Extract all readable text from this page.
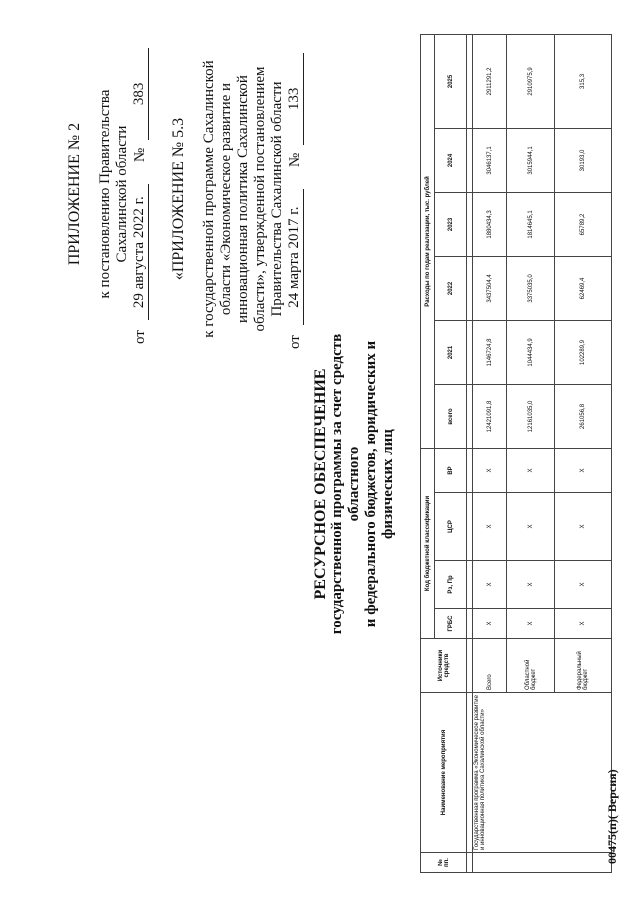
ПРИЛОЖЕНИЕ № 2 к постановлению Правительства Сахалинской области
от
29 августа 2022 г.
№
383
«ПРИЛОЖЕНИЕ № 5.3 к государственной программе Сахалинской области «Экономическое развитие и инновационная политика Сахалинской области», утвержденной постановлением Правительства Сахалинской области
от
24 марта 2017 г.
№
133
РЕСУРСНОЕ ОБЕСПЕЧЕНИЕ государственной программы за счет средств областного и федерального бюджетов, юридических и физических лиц
№ пп.	Наименование мероприятия	Источники средств	Код бюджетной классификации				Расходы по годам реализации, тыс. рублей					
			ГРБС	Рз, Пр	ЦСР	ВР	всего	2021	2022	2023	2024	2025

	Государственная программа «Экономическое развитие и инновационная политика Сахалинской области»	Всего	Х	Х	Х	Х	12421091,8	1146724,8	3437504,4	1880434,3	3046137,1	2911291,2
		Областной бюджет	Х	Х	Х	Х	12161035,0	1044434,9	3375035,0	1814645,1	3015944,1	2910975,9
		Федеральный бюджет	Х	Х	Х	Х	261056,8	102289,9	62469,4	65789,2	30193,0	315,3
00475(п)( Версия)
